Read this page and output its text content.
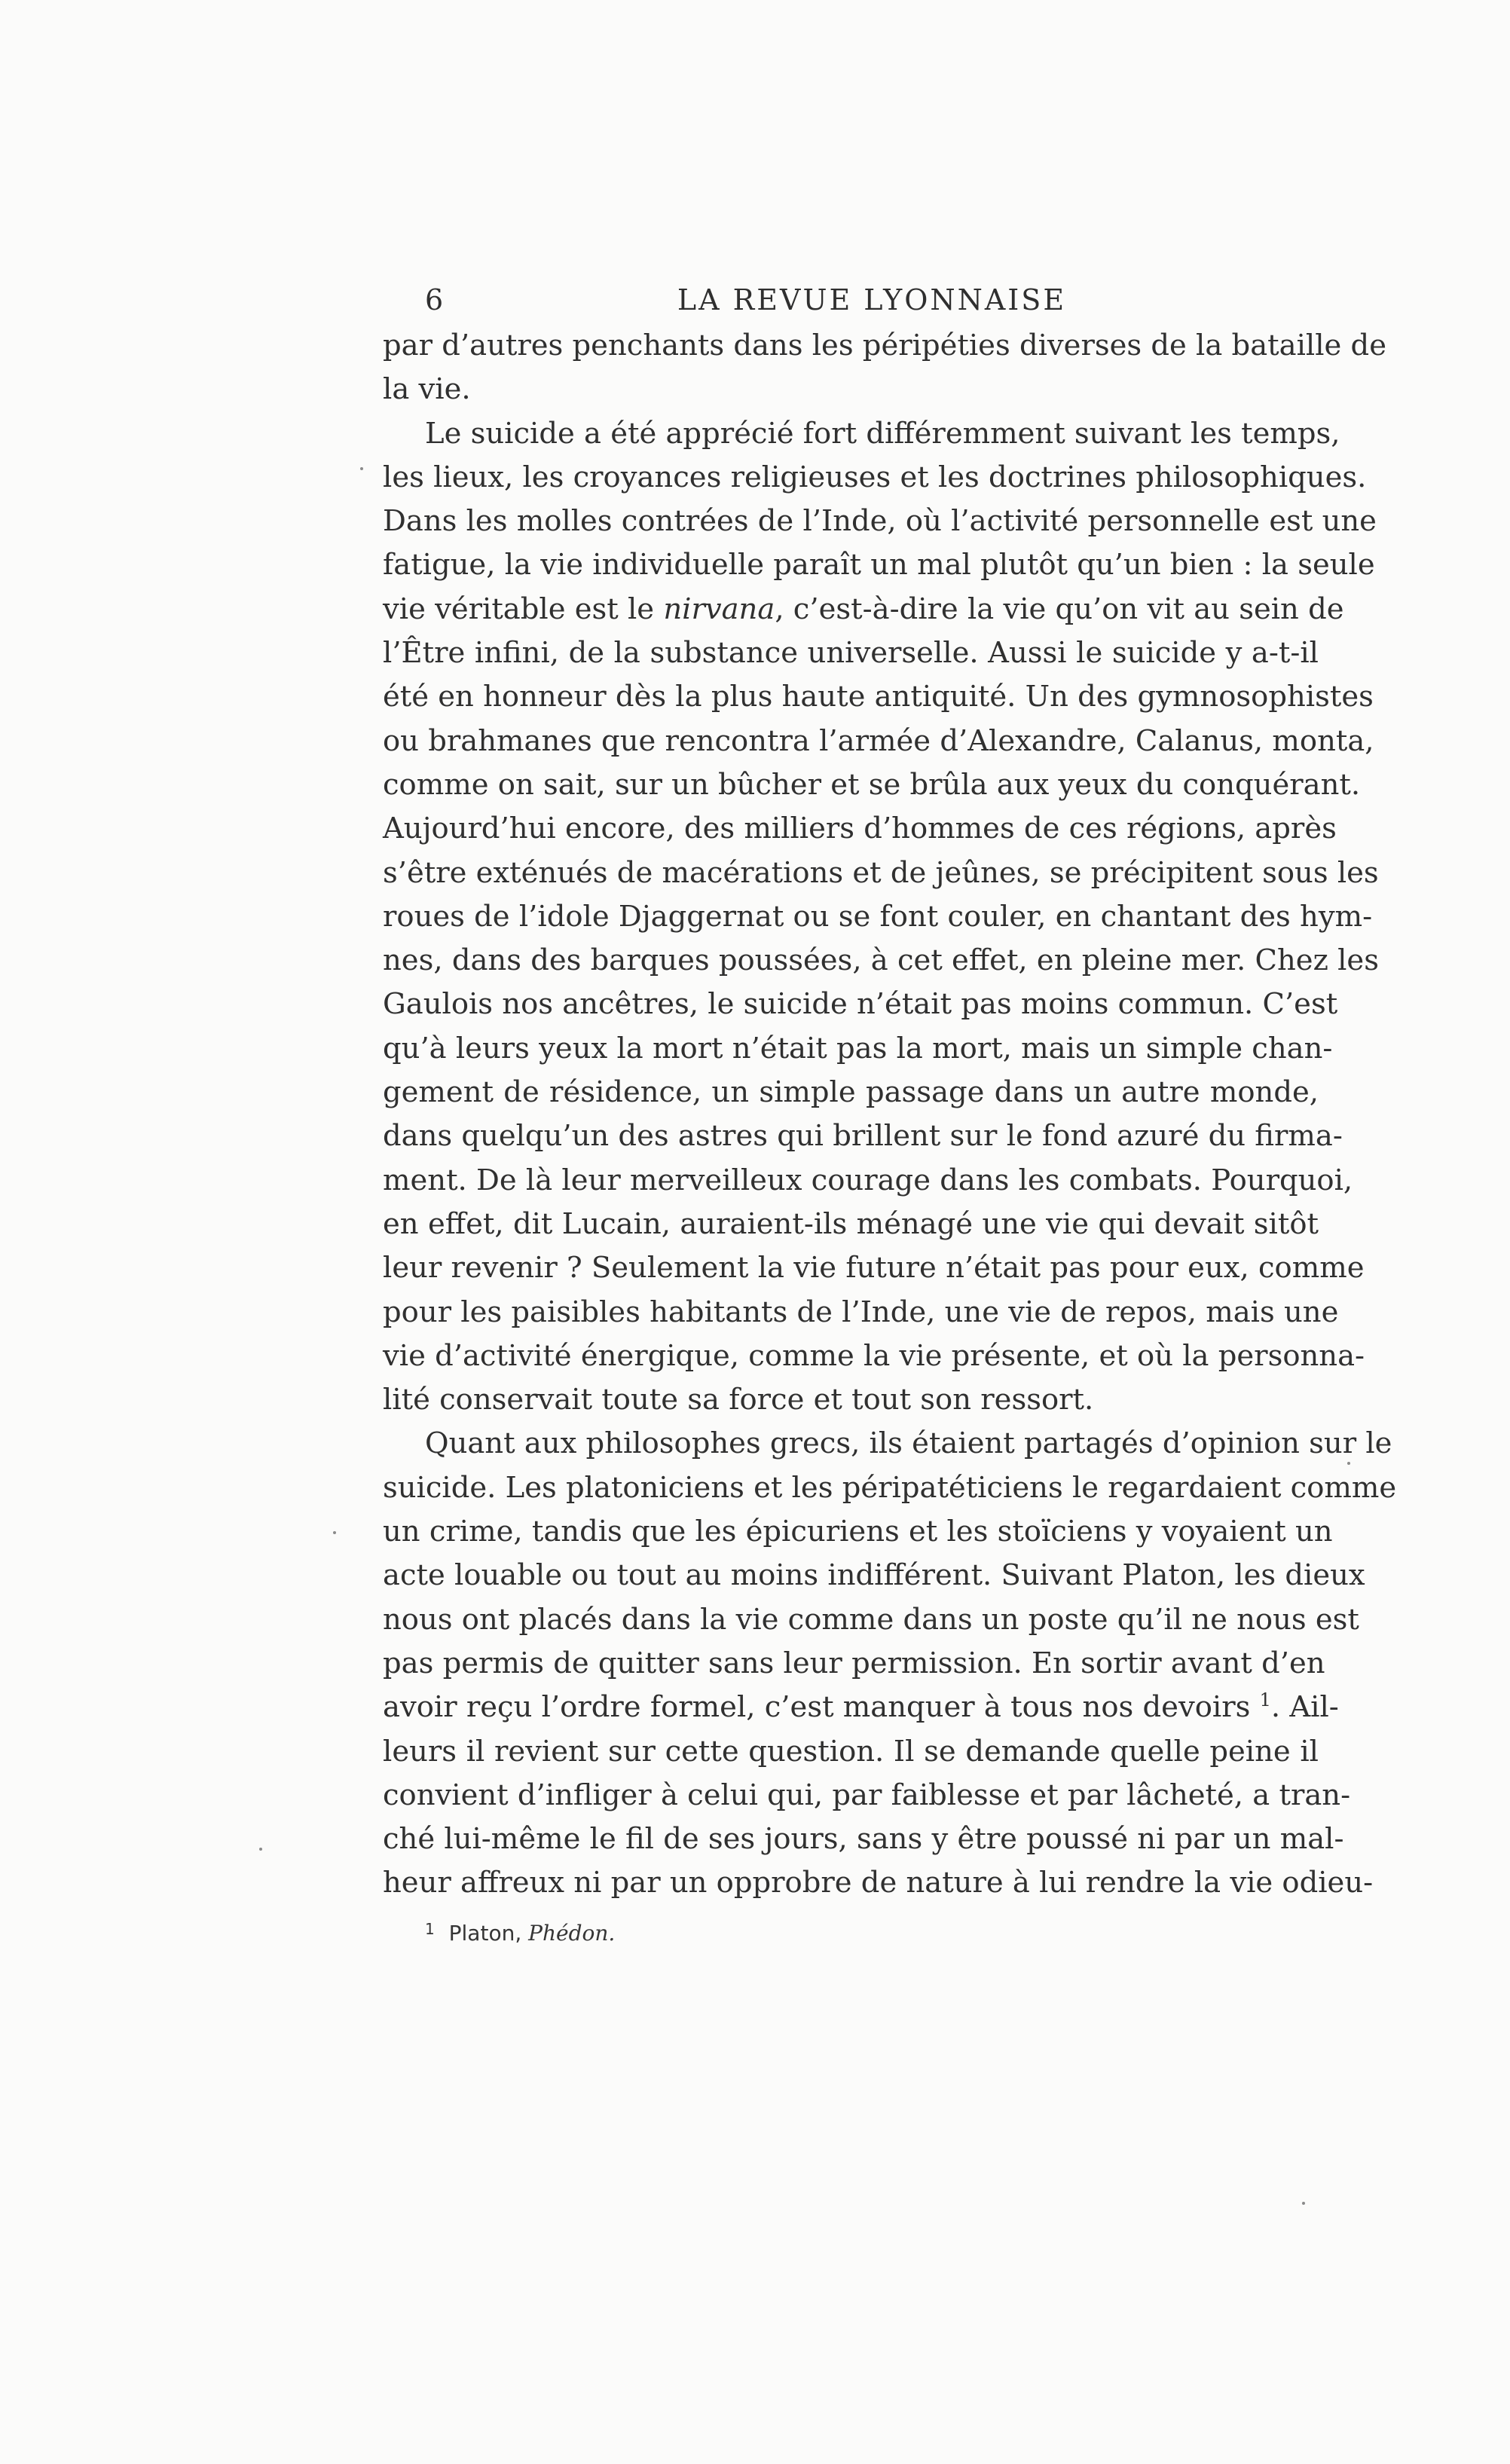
6	LA REVUE LYONNAISE
par d’autres penchants dans les péripéties diverses de la bataille de
la vie.
Le suicide a été apprécié fort différemment suivant les temps,
les lieux, les croyances religieuses et les doctrines philosophiques.
Dans les molles contrées de l’Inde, où l’activité personnelle est une
fatigue, la vie individuelle paraît un mal plutôt qu’un bien : la seule
vie véritable est le nirvana, c’est-à-dire la vie qu’on vit au sein de
l’Être infini, de la substance universelle. Aussi le suicide y a-t-il
été en honneur dès la plus haute antiquité. Un des gymnosophistes
ou brahmanes que rencontra l’armée d’Alexandre, Calanus, monta,
comme on sait, sur un bûcher et se brûla aux yeux du conquérant.
Aujourd’hui encore, des milliers d’hommes de ces régions, après
s’être exténués de macérations et de jeûnes, se précipitent sous les
roues de l’idole Djaggernat ou se font couler, en chantant des hym-
nes, dans des barques poussées, à cet effet, en pleine mer. Chez les
Gaulois nos ancêtres, le suicide n’était pas moins commun. C’est
qu’à leurs yeux la mort n’était pas la mort, mais un simple chan-
gement de résidence, un simple passage dans un autre monde,
dans quelqu’un des astres qui brillent sur le fond azuré du firma-
ment. De là leur merveilleux courage dans les combats. Pourquoi,
en effet, dit Lucain, auraient-ils ménagé une vie qui devait sitôt
leur revenir ? Seulement la vie future n’était pas pour eux, comme
pour les paisibles habitants de l’Inde, une vie de repos, mais une
vie d’activité énergique, comme la vie présente, et où la personna-
lité conservait toute sa force et tout son ressort.
Quant aux philosophes grecs, ils étaient partagés d’opinion sur le
suicide. Les platoniciens et les péripatéticiens le regardaient comme
un crime, tandis que les épicuriens et les stoïciens y voyaient un
acte louable ou tout au moins indifférent. Suivant Platon, les dieux
nous ont placés dans la vie comme dans un poste qu’il ne nous est
pas permis de quitter sans leur permission. En sortir avant d’en
avoir reçu l’ordre formel, c’est manquer à tous nos devoirs $^1$. Ail-
leurs il revient sur cette question. Il se demande quelle peine il
convient d’infliger à celui qui, par faiblesse et par lâcheté, a tran-
ché lui-même le fil de ses jours, sans y être poussé ni par un mal-
heur affreux ni par un opprobre de nature à lui rendre la vie odieu-
$^1$ Platon, Phédon.
